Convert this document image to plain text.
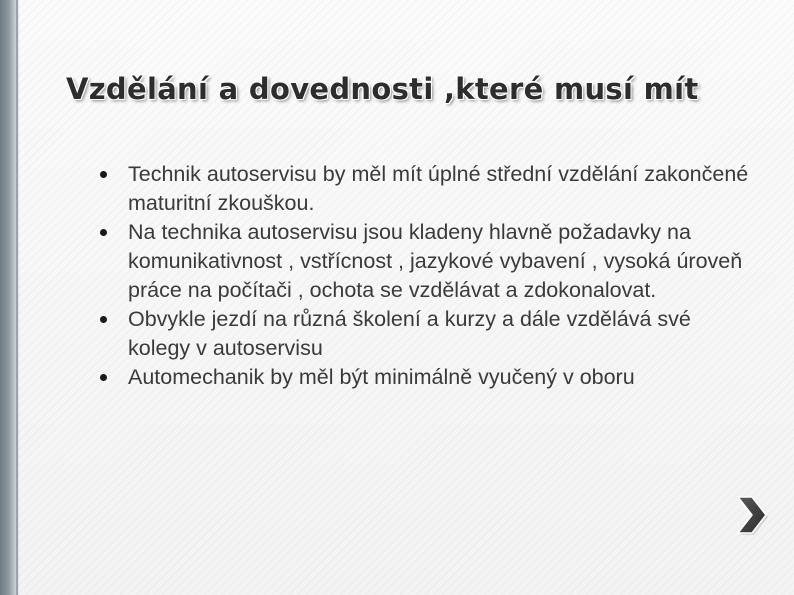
Vzdělání a dovednosti ,které musí mít
Technik autoservisu by měl mít úplné střední vzdělání zakončené maturitní zkouškou.
Na technika autoservisu jsou kladeny hlavně požadavky na komunikativnost , vstřícnost , jazykové vybavení , vysoká úroveň práce na počítači , ochota se vzdělávat a zdokonalovat.
Obvykle jezdí na různá školení a kurzy a dále vzdělává své kolegy v autoservisu
Automechanik by měl být minimálně vyučený v oboru
